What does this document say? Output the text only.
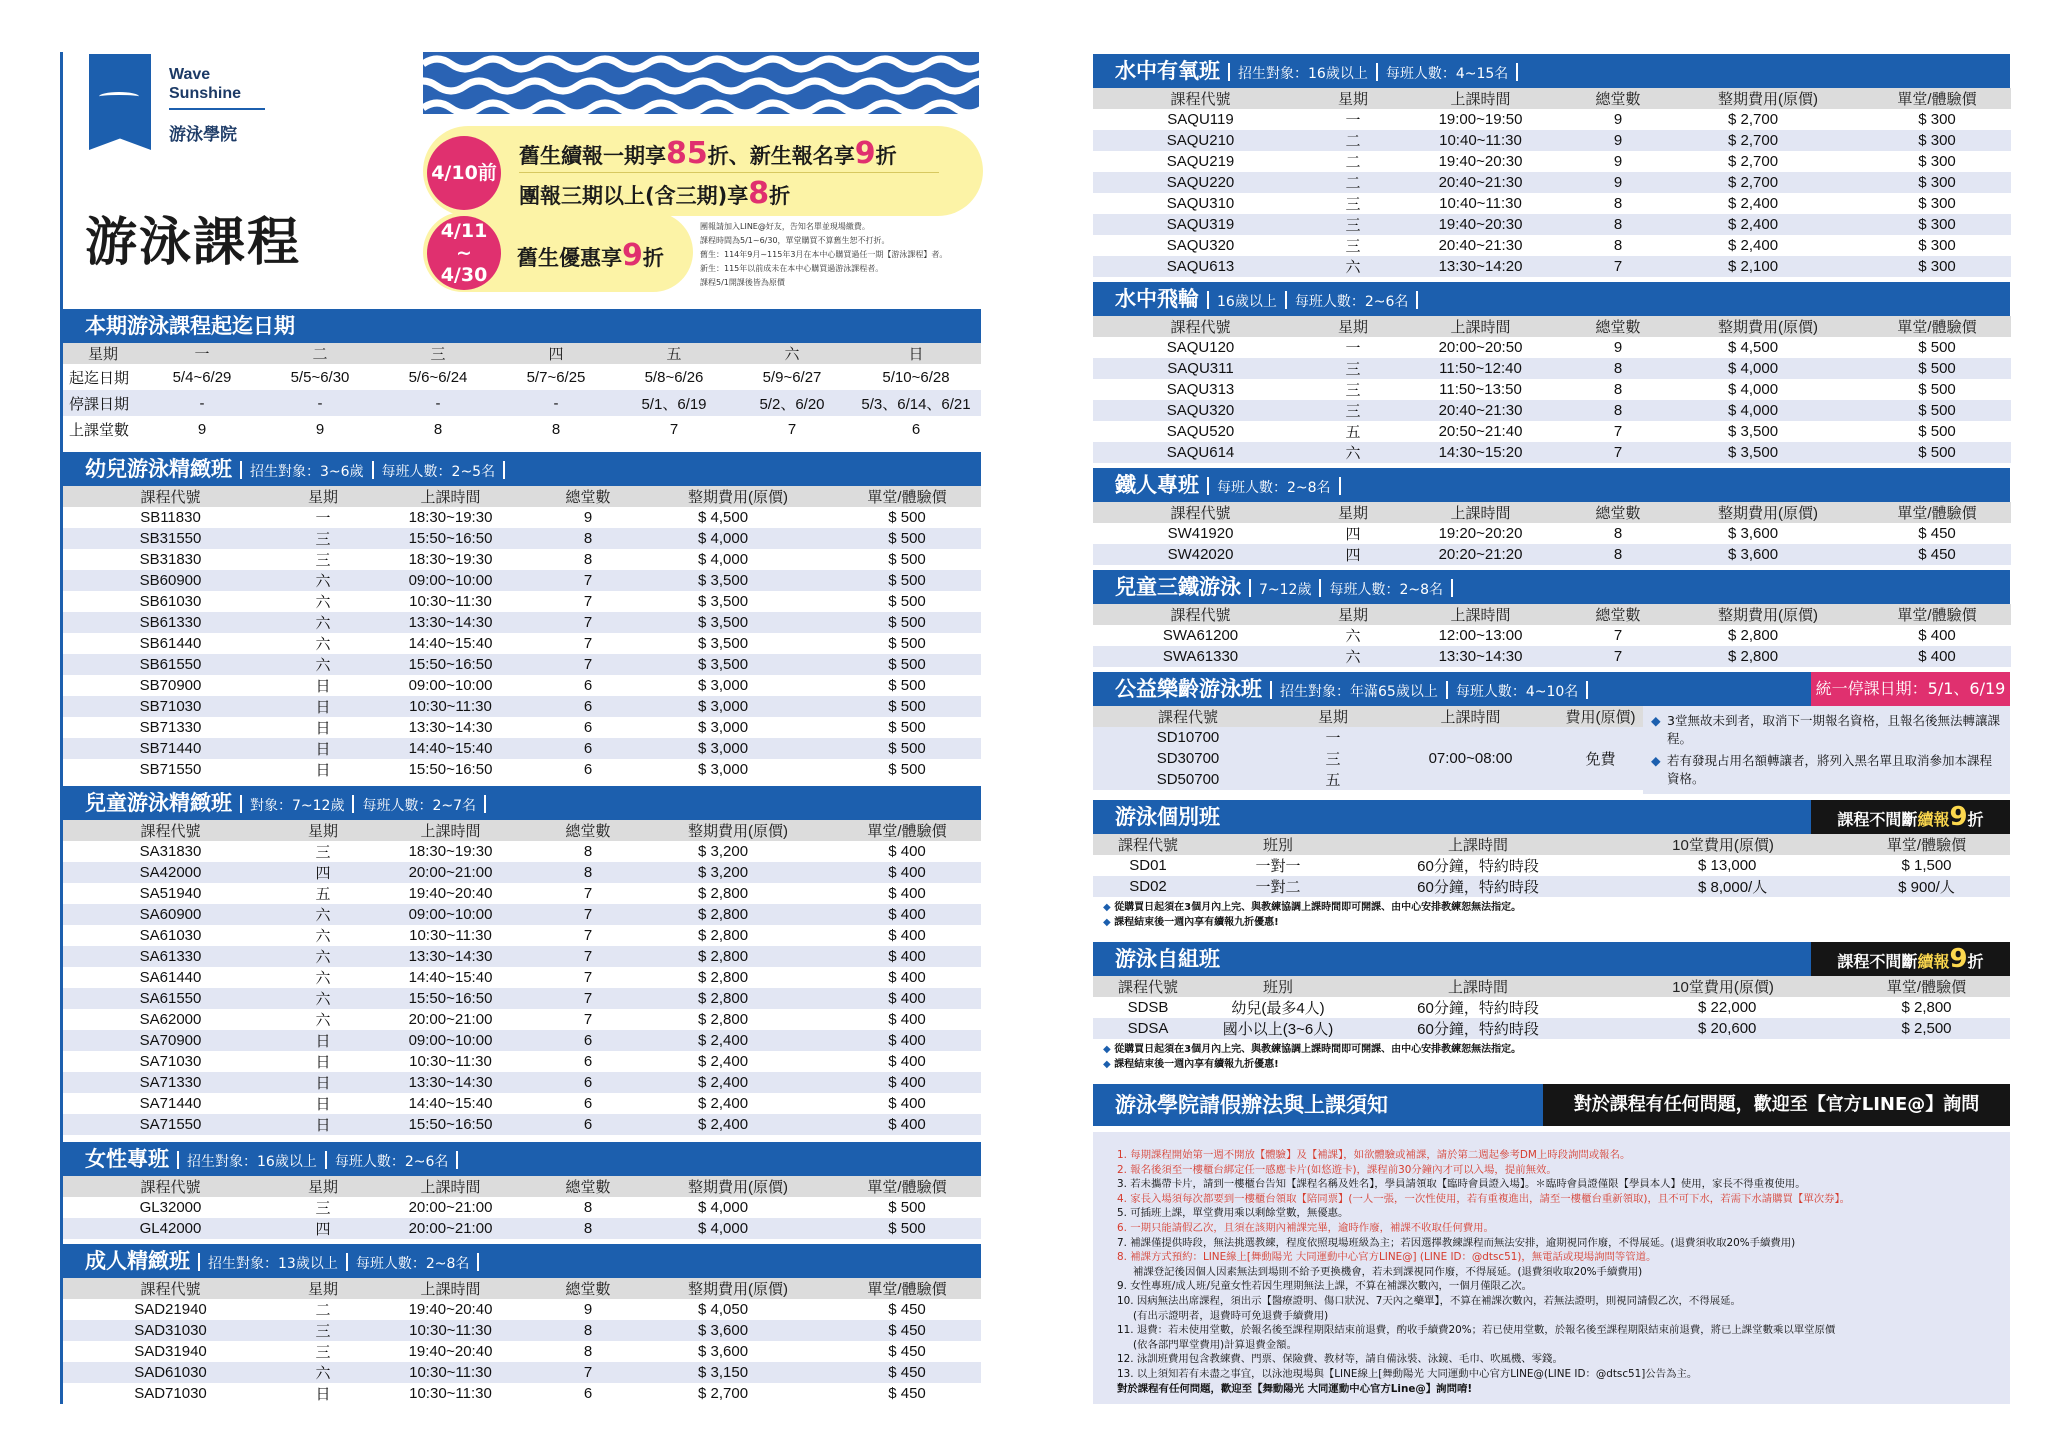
Wave
Sunshine
游泳學院
游泳課程
4/10前
4/11
~
4/30
舊生續報一期享85折、新生報名享9折
團報三期以上(含三期)享8折
舊生優惠享9折
團報請加入LINE@好友，告知名單並現場繳費。
課程時間為5/1~6/30，單堂購買不算舊生恕不打折。
舊生：114年9月~115年3月在本中心購買過任一期【游泳課程】者。
新生：115年以前成未在本中心購買過游泳課程者。
課程5/1開課後皆為原價
本期游泳課程起迄日期
星期	一	二	三	四	五	六	日
起迄日期	5/4~6/29	5/5~6/30	5/6~6/24	5/7~6/25	5/8~6/26	5/9~6/27	5/10~6/28
停課日期	-	-	-	-	5/1、6/19	5/2、6/20	5/3、6/14、6/21
上課堂數	9	9	8	8	7	7	6
幼兒游泳精緻班 招生對象：3~6歲 每班人數：2~5名
課程代號	星期	上課時間	總堂數	整期費用(原價)	單堂/體驗價
SB11830	一	18:30~19:30	9	$ 4,500	$ 500
SB31550	三	15:50~16:50	8	$ 4,000	$ 500
SB31830	三	18:30~19:30	8	$ 4,000	$ 500
SB60900	六	09:00~10:00	7	$ 3,500	$ 500
SB61030	六	10:30~11:30	7	$ 3,500	$ 500
SB61330	六	13:30~14:30	7	$ 3,500	$ 500
SB61440	六	14:40~15:40	7	$ 3,500	$ 500
SB61550	六	15:50~16:50	7	$ 3,500	$ 500
SB70900	日	09:00~10:00	6	$ 3,000	$ 500
SB71030	日	10:30~11:30	6	$ 3,000	$ 500
SB71330	日	13:30~14:30	6	$ 3,000	$ 500
SB71440	日	14:40~15:40	6	$ 3,000	$ 500
SB71550	日	15:50~16:50	6	$ 3,000	$ 500
兒童游泳精緻班 對象：7~12歲 每班人數：2~7名
課程代號	星期	上課時間	總堂數	整期費用(原價)	單堂/體驗價
SA31830	三	18:30~19:30	8	$ 3,200	$ 400
SA42000	四	20:00~21:00	8	$ 3,200	$ 400
SA51940	五	19:40~20:40	7	$ 2,800	$ 400
SA60900	六	09:00~10:00	7	$ 2,800	$ 400
SA61030	六	10:30~11:30	7	$ 2,800	$ 400
SA61330	六	13:30~14:30	7	$ 2,800	$ 400
SA61440	六	14:40~15:40	7	$ 2,800	$ 400
SA61550	六	15:50~16:50	7	$ 2,800	$ 400
SA62000	六	20:00~21:00	7	$ 2,800	$ 400
SA70900	日	09:00~10:00	6	$ 2,400	$ 400
SA71030	日	10:30~11:30	6	$ 2,400	$ 400
SA71330	日	13:30~14:30	6	$ 2,400	$ 400
SA71440	日	14:40~15:40	6	$ 2,400	$ 400
SA71550	日	15:50~16:50	6	$ 2,400	$ 400
女性專班 招生對象：16歲以上 每班人數：2~6名
課程代號	星期	上課時間	總堂數	整期費用(原價)	單堂/體驗價
GL32000	三	20:00~21:00	8	$ 4,000	$ 500
GL42000	四	20:00~21:00	8	$ 4,000	$ 500
成人精緻班 招生對象：13歲以上 每班人數：2~8名
課程代號	星期	上課時間	總堂數	整期費用(原價)	單堂/體驗價
SAD21940	二	19:40~20:40	9	$ 4,050	$ 450
SAD31030	三	10:30~11:30	8	$ 3,600	$ 450
SAD31940	三	19:40~20:40	8	$ 3,600	$ 450
SAD61030	六	10:30~11:30	7	$ 3,150	$ 450
SAD71030	日	10:30~11:30	6	$ 2,700	$ 450
水中有氧班 招生對象：16歲以上 每班人數：4~15名
課程代號	星期	上課時間	總堂數	整期費用(原價)	單堂/體驗價
SAQU119	一	19:00~19:50	9	$ 2,700	$ 300
SAQU210	二	10:40~11:30	9	$ 2,700	$ 300
SAQU219	二	19:40~20:30	9	$ 2,700	$ 300
SAQU220	二	20:40~21:30	9	$ 2,700	$ 300
SAQU310	三	10:40~11:30	8	$ 2,400	$ 300
SAQU319	三	19:40~20:30	8	$ 2,400	$ 300
SAQU320	三	20:40~21:30	8	$ 2,400	$ 300
SAQU613	六	13:30~14:20	7	$ 2,100	$ 300
水中飛輪 16歲以上 每班人數：2~6名
課程代號	星期	上課時間	總堂數	整期費用(原價)	單堂/體驗價
SAQU120	一	20:00~20:50	9	$ 4,500	$ 500
SAQU311	三	11:50~12:40	8	$ 4,000	$ 500
SAQU313	三	11:50~13:50	8	$ 4,000	$ 500
SAQU320	三	20:40~21:30	8	$ 4,000	$ 500
SAQU520	五	20:50~21:40	7	$ 3,500	$ 500
SAQU614	六	14:30~15:20	7	$ 3,500	$ 500
鐵人專班 每班人數：2~8名
課程代號	星期	上課時間	總堂數	整期費用(原價)	單堂/體驗價
SW41920	四	19:20~20:20	8	$ 3,600	$ 450
SW42020	四	20:20~21:20	8	$ 3,600	$ 450
兒童三鐵游泳 7~12歲 每班人數：2~8名
課程代號	星期	上課時間	總堂數	整期費用(原價)	單堂/體驗價
SWA61200	六	12:00~13:00	7	$ 2,800	$ 400
SWA61330	六	13:30~14:30	7	$ 2,800	$ 400
公益樂齡游泳班 招生對象：年滿65歲以上 每班人數：4~10名	統一停課日期：5/1、6/19
課程代號	星期	上課時間	費用(原價)
SD10700	一	07:00~08:00	免費
SD30700	三		
SD50700	五		
◆ 3堂無故未到者，取消下一期報名資格，且報名後無法轉讓課程。
◆ 若有發現占用名額轉讓者，將列入黑名單且取消參加本課程資格。
游泳個別班	課程不間斷續報9折
課程代號	班別	上課時間	10堂費用(原價)	單堂/體驗價
SD01	一對一	60分鐘，特約時段	$ 13,000	$ 1,500
SD02	一對二	60分鐘，特約時段	$ 8,000/人	$ 900/人
◆ 從購買日起須在3個月內上完、與教練協調上課時間即可開課、由中心安排教練恕無法指定。
◆ 課程結束後一週內享有續報九折優惠!
游泳自組班	課程不間斷續報9折
課程代號	班別	上課時間	10堂費用(原價)	單堂/體驗價
SDSB	幼兒(最多4人)	60分鐘，特約時段	$ 22,000	$ 2,800
SDSA	國小以上(3~6人)	60分鐘，特約時段	$ 20,600	$ 2,500
◆ 從購買日起須在3個月內上完、與教練協調上課時間即可開課、由中心安排教練恕無法指定。
◆ 課程結束後一週內享有續報九折優惠!
游泳學院請假辦法與上課須知	對於課程有任何問題，歡迎至【官方LINE@】詢問
1. 每期課程開始第一週不開放【體驗】及【補課】，如欲體驗或補課，請於第二週起參考DM上時段詢問或報名。
2. 報名後須至一樓櫃台綁定任一感應卡片(如悠遊卡)，課程前30分鐘內才可以入場，提前無效。
3. 若未攜帶卡片，請到一樓櫃台告知【課程名稱及姓名】，學員請領取【臨時會員證入場】。＊臨時會員證僅限【學員本人】使用，家長不得重複使用。
4. 家長入場須每次都要到一樓櫃台領取【陪同票】(一人一張，一次性使用，若有重複進出，請至一樓櫃台重新領取)，且不可下水，若需下水請購買【單次券】。
5. 可插班上課，單堂費用乘以剩餘堂數，無優惠。
6. 一期只能請假乙次，且須在該期內補課完畢，逾時作廢，補課不收取任何費用。
7. 補課僅提供時段，無法挑選教練，程度依照現場班級為主；若因選擇教練課程而無法安排，逾期視同作廢，不得展延。(退費須收取20%手續費用)
8. 補課方式預約：LINE線上[舞動陽光 大同運動中心官方LINE@] (LINE ID：@dtsc51)，無電話或現場詢問等管道。
補課登記後因個人因素無法到場則不給予更換機會，若未到課視同作廢，不得展延。(退費須收取20%手續費用)
9. 女性專班/成人班/兒童女性若因生理期無法上課，不算在補課次數內，一個月僅限乙次。
10. 因病無法出席課程，須出示【醫療證明、傷口狀況、7天內之藥單】，不算在補課次數內，若無法證明，則視同請假乙次，不得展延。
(有出示證明者，退費時可免退費手續費用)
11. 退費：若未使用堂數，於報名後至課程期限結束前退費，酌收手續費20%；若已使用堂數，於報名後至課程期限結束前退費，將已上課堂數乘以單堂原價
(依各部門單堂費用)計算退費金額。
12. 泳訓班費用包含教練費、門票、保險費、教材等，請自備泳裝、泳鏡、毛巾、吹風機、零錢。
13. 以上須知若有未盡之事宜，以泳池現場與【LINE線上[舞動陽光 大同運動中心官方LINE@(LINE ID：@dtsc51]公告為主。
對於課程有任何問題，歡迎至【舞動陽光 大同運動中心官方Line@】詢問唷!
